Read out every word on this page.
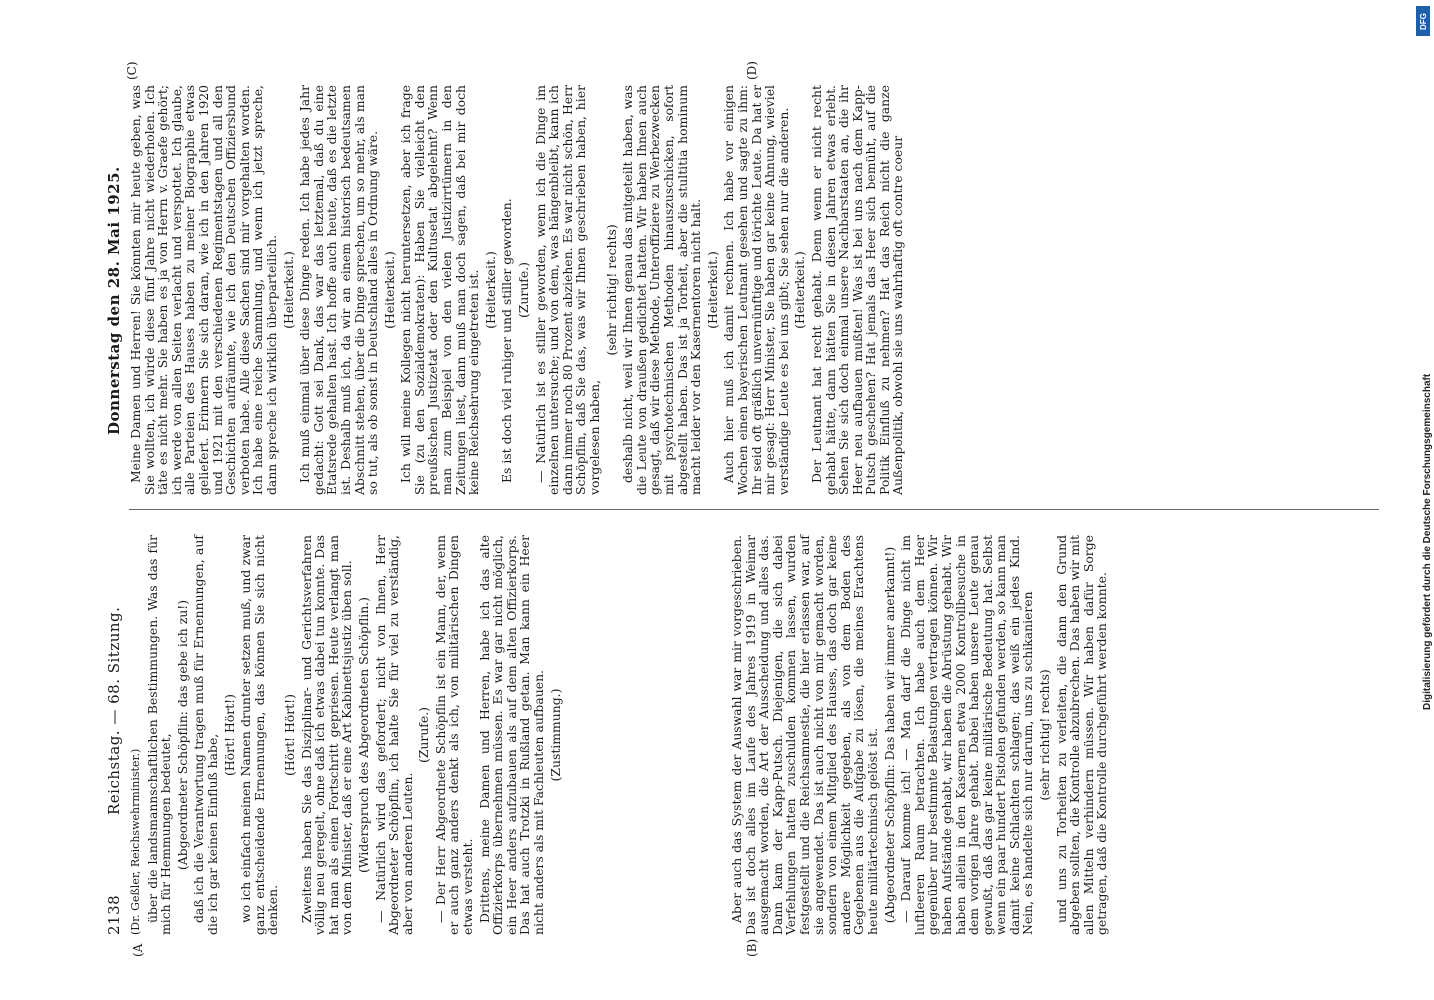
2138
Reichstag. — 68. Sitzung.
Donnerstag den 28. Mai 1925.
(A	(B)

(Dr. Geßler, Reichswehrminister.) über die landsmannschaftlichen Bestimmungen. Was das für mich für Hemmungen bedeutet, (Abgeordneter Schöpflin: das gebe ich zu!) daß ich die Verantwortung tragen muß für Ernennungen, auf die ich gar keinen Einfluß habe, (Hört! Hört!) wo ich einfach meinen Namen drunter setzen muß, und zwar ganz entscheidende Ernennungen, das können Sie sich nicht denken.

(Hört! Hört!) Zweitens haben Sie das Disziplinar- und Gerichtsverfahren völlig neu geregelt, ohne daß ich etwas dabei tun konnte. Das hat man als einen Fortschritt gepriesen. Heute verlangt man von dem Minister, daß er eine Art Kabinettsjustiz üben soll. (Widerspruch des Abgeordneten Schöpflin.) — Natürlich wird das gefordert; nicht von Ihnen, Herr Abgeordneter Schöpflin, ich halte Sie für viel zu verständig, aber von anderen Leuten.

(Zurufe.) — Der Herr Abgeordnete Schöpflin ist ein Mann, der, wenn er auch ganz anders denkt als ich, von militärischen Dingen etwas versteht. Drittens, meine Damen und Herren, habe ich das alte Offizierkorps übernehmen müssen. Es war gar nicht möglich, ein Heer anders aufzubauen als auf dem alten Offizierkorps. Das hat auch Trotzki in Rußland getan. Man kann ein Heer nicht anders als mit Fachleuten aufbauen. (Zustimmung.)	Aber auch das System der Auswahl war mir vorgeschrieben. Das ist doch alles im Laufe des Jahres 1919 in Weimar ausgemacht worden, die Art der Ausscheidung und alles das. Dann kam der Kapp-Putsch. Diejenigen, die sich dabei Verfehlungen hatten zuschulden kommen lassen, wurden festgestellt und die Reichsamnestie, die hier erlassen war, auf sie angewendet. Das ist auch nicht von mir gemacht worden, sondern von einem Mitglied des Hauses, das doch gar keine andere Möglichkeit gegeben, als von dem Boden des Gegebenen aus die Aufgabe zu lösen, die meines Erachtens heute militärtechnisch gelöst ist. (Abgeordneter Schöpflin: Das haben wir immer anerkannt!) — Darauf komme ich! — Man darf die Dinge nicht im luftleeren Raum betrachten. Ich habe auch dem Heer gegenüber nur bestimmte Belastungen vertragen können. Wir haben Aufstände gehabt, wir haben die Abrüstung gehabt. Wir haben allein in den Kasernen etwa 2000 Kontrollbesuche in dem vorigen Jahre gehabt. Dabei haben unsere Leute genau gewußt, daß das gar keine militärische Bedeutung hat. Selbst wenn ein paar hundert Pistolen gefunden werden, so kann man damit keine Schlachten schlagen; das weiß ein jedes Kind. Nein, es handelte sich nur darum, uns zu schikanieren (sehr richtig! rechts) und uns zu Torheiten zu verleiten, die dann den Grund abgeben sollten, die Kontrolle abzubrechen. Das haben wir mit allen Mitteln verhindern müssen. Wir haben dafür Sorge getragen, daß die Kontrolle durchgeführt werden konnte.

Meine Damen und Herren! Sie könnten mir heute geben, was Sie wollten, ich würde diese fünf Jahre nicht wiederholen. Ich täte es nicht mehr. Sie haben es ja von Herrn v. Graefe gehört; ich werde von allen Seiten verlacht und verspottet. Ich glaube, alle Parteien des Hauses haben zu meiner Biographie etwas geliefert. Erinnern Sie sich daran, wie ich in den Jahren 1920 und 1921 mit den verschiedenen Regimentstagen und all den Geschichten aufräumte, wie ich den Deutschen Offiziersbund verboten habe. Alle diese Sachen sind mir vorgehalten worden. Ich habe eine reiche Sammlung, und wenn ich jetzt spreche, dann spreche ich wirklich überparteilich. (Heiterkeit.) Ich muß einmal über diese Dinge reden. Ich habe jedes Jahr gedacht: Gott sei Dank, das war das letztemal, daß du eine Etatsrede gehalten hast. Ich hoffe auch heute, daß es die letzte ist. Deshalb muß ich, da wir an einem historisch bedeutsamen Abschnitt stehen, über die Dinge sprechen, um so mehr, als man so tut, als ob sonst in Deutschland alles in Ordnung wäre. (Heiterkeit.) Ich will meine Kollegen nicht heruntersetzen, aber ich frage Sie (zu den Sozialdemokraten): Haben Sie vielleicht den preußischen Justizetat oder den Kultusetat abgelehnt? Wenn man zum Beispiel von den vielen Justizirrtümern in den Zeitungen liest, dann muß man doch sagen, daß bei mir doch keine Reichsehrung eingetreten ist. (Heiterkeit.) Es ist doch viel ruhiger und stiller geworden. (Zurufe.) — Natürlich ist es stiller geworden, wenn ich die Dinge im einzelnen untersuche; und von dem, was hängenbleibt, kann ich dann immer noch 80 Prozent abziehen. Es war nicht schön, Herr Schöpflin, daß Sie das, was wir Ihnen geschrieben haben, hier vorgelesen haben,

(sehr richtig! rechts) deshalb nicht, weil wir Ihnen genau das mitgeteilt haben, was die Leute von draußen gedichtet hatten. Wir haben Ihnen auch gesagt, daß wir diese Methode, Unteroffiziere zu Werbezwecken mit psychotechnischen Methoden hinauszuschicken, sofort abgestellt haben. Das ist ja Torheit, aber die stultitia hominum macht leider vor den Kasernentoren nicht halt. (Heiterkeit.) Auch hier muß ich damit rechnen. Ich habe vor einigen Wochen einen bayerischen Leutnant gesehen und sagte zu ihm: Ihr seid oft gräßlich unvernünftige und törichte Leute. Da hat er mir gesagt: Herr Minister, Sie haben gar keine Ahnung, wieviel verständige Leute es bei uns gibt; Sie sehen nur die anderen. (Heiterkeit.) Der Leutnant hat recht gehabt. Denn wenn er nicht recht gehabt hätte, dann hätten Sie in diesen Jahren etwas erlebt. Sehen Sie sich doch einmal unsere Nachbarstaaten an, die ihr Heer neu aufbauen mußten! Was ist bei uns nach dem Kapp-Putsch geschehen? Hat jemals das Heer sich bemüht, auf die Politik Einfluß zu nehmen? Hat das Reich nicht die ganze Außenpolitik, obwohl sie uns wahrhaftig oft contre coeur

(C)	(D)
Digitalisierung gefördert durch die Deutsche Forschungsgemeinschaft
DFG
